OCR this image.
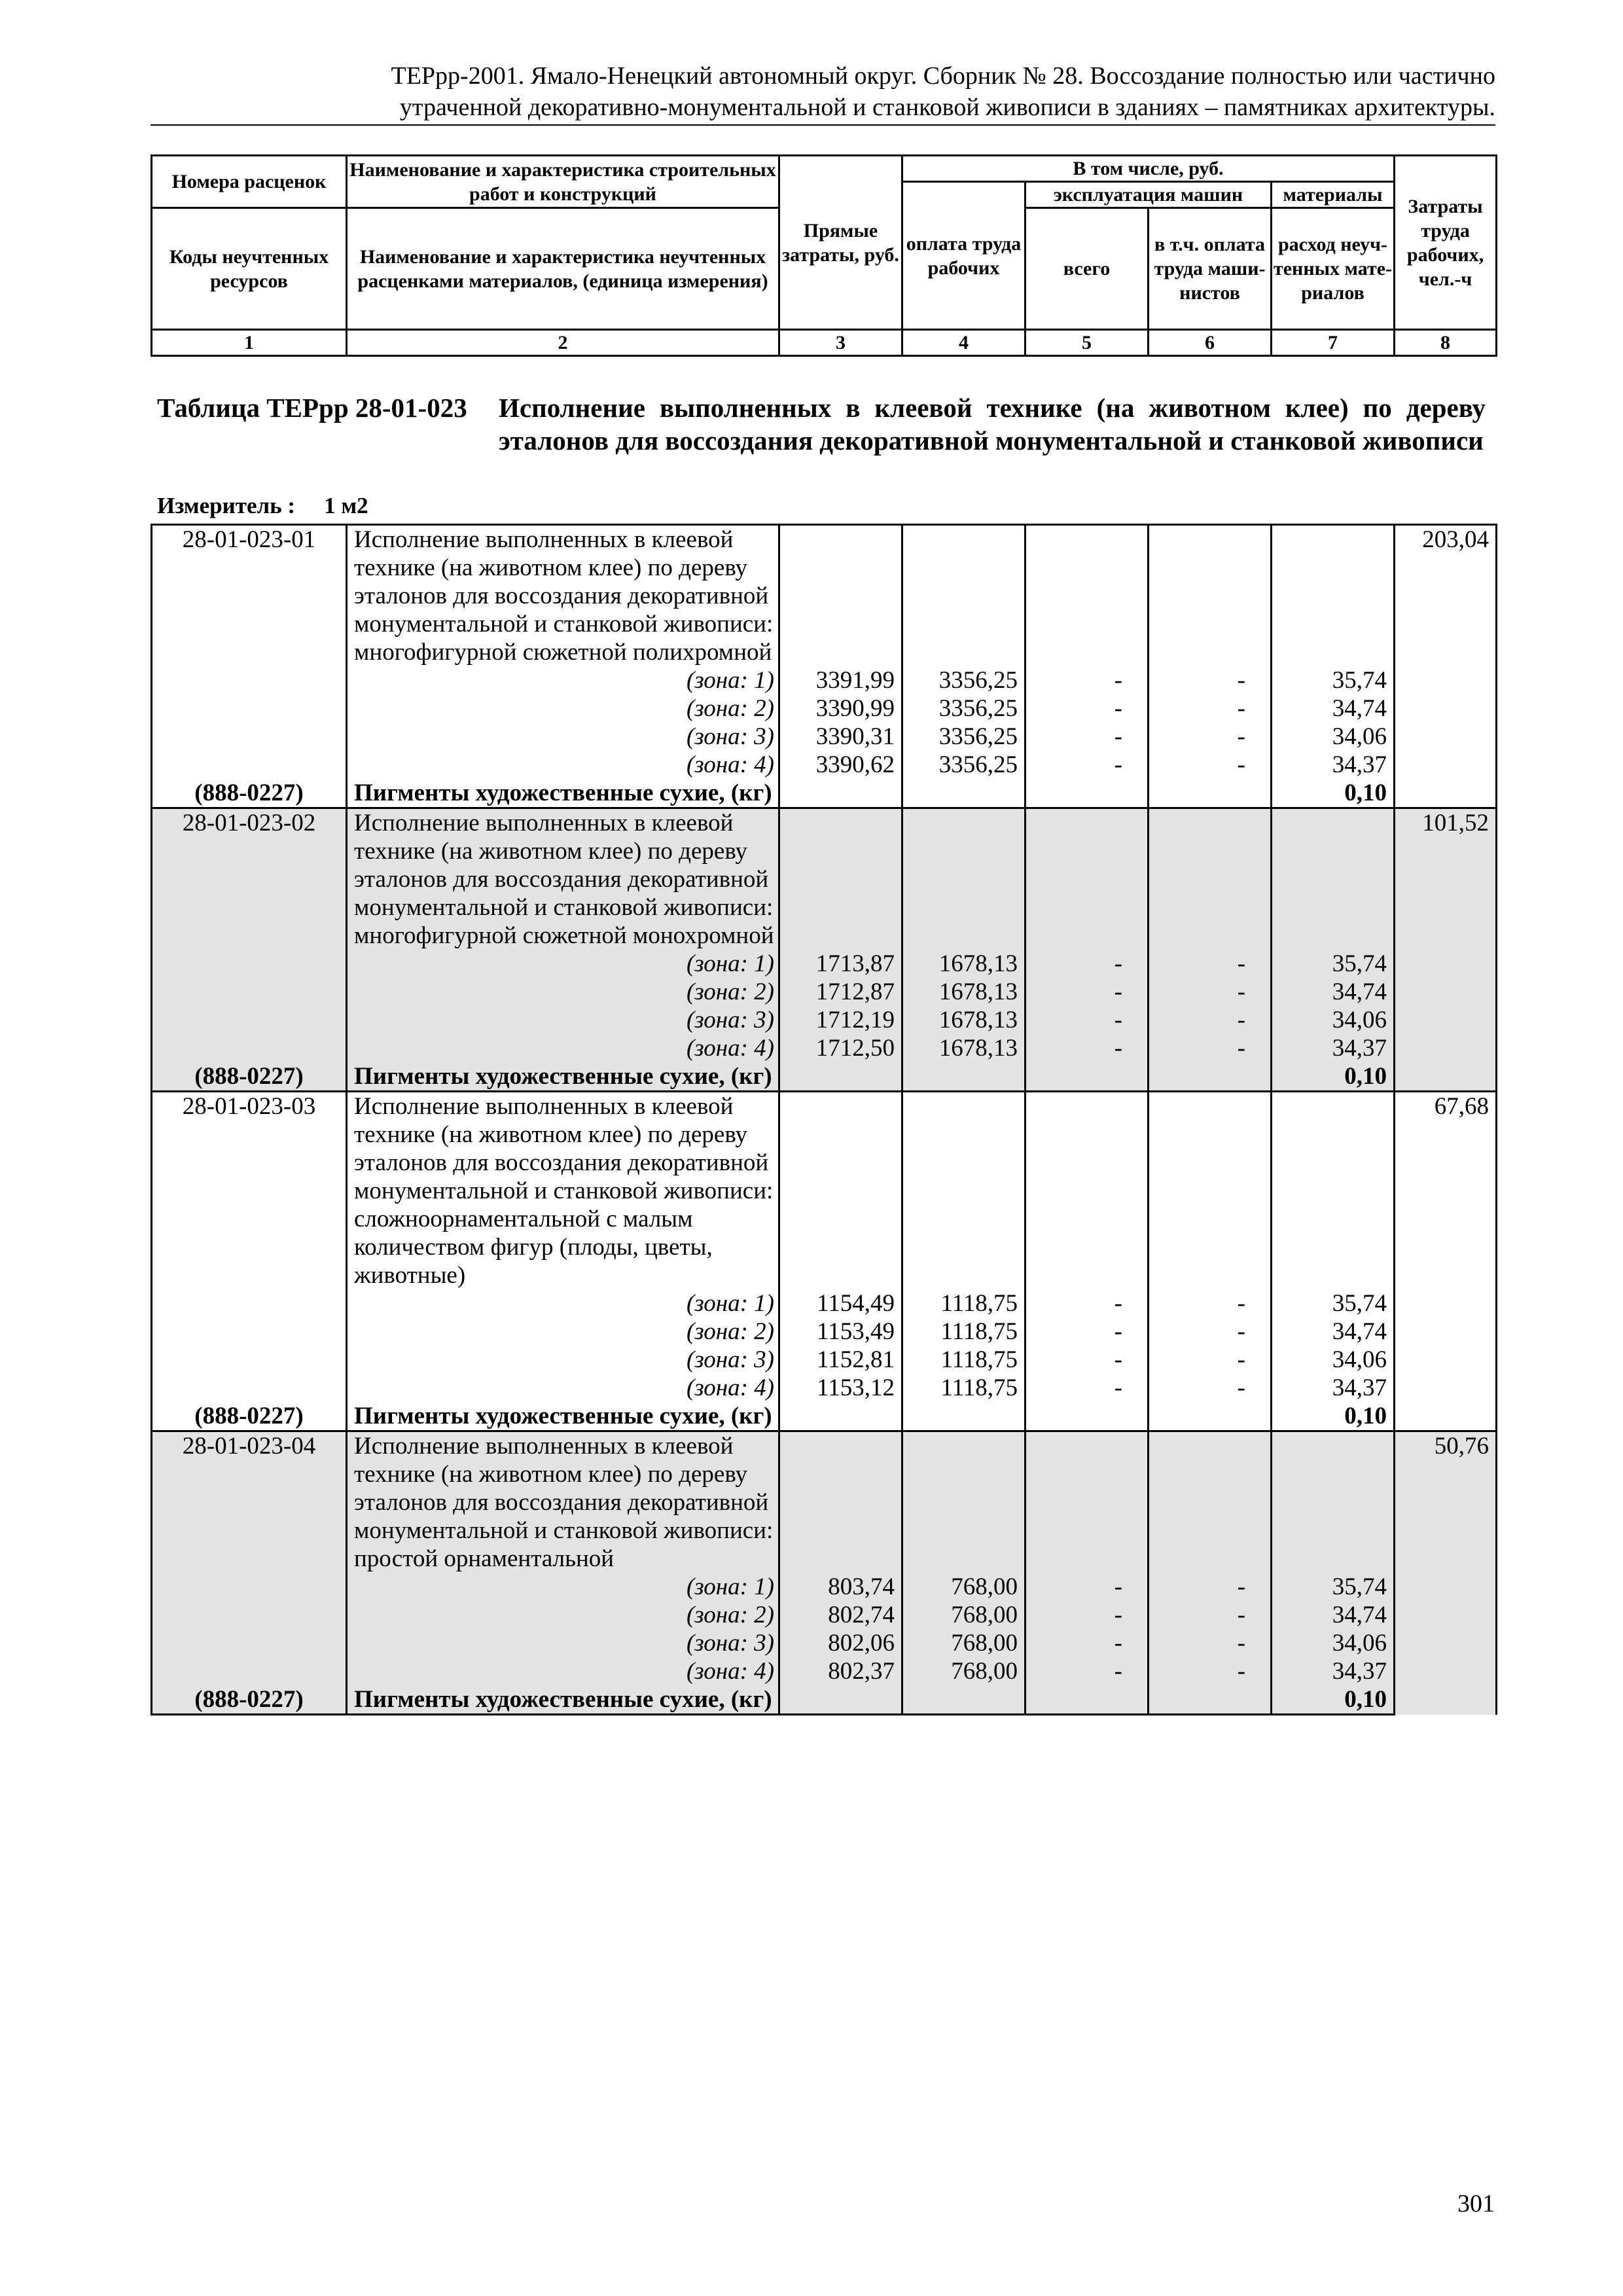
ТЕРрр-2001. Ямало-Ненецкий автономный округ. Сборник № 28. Воссоздание полностью или частично
утраченной декоративно-монументальной и станковой живописи в зданиях – памятниках архитектуры.
Номера расценок	Наименование и характеристика строительных работ и конструкций	Прямые затраты, руб.	В том числе, руб.				Затраты труда рабочих, чел.-ч
			оплата труда рабочих	эксплуатация машин		материалы	
Коды неучтенных ресурсов	Наименование и характеристика неучтенных расценками материалов, (единица измерения)			всего	в т.ч. оплата труда маши-нистов	расход неуч-тенных мате-риалов	

1	2	3	4	5	6	7	8
Таблица ТЕРрр 28-01-023 Исполнение выполненных в клеевой технике (на животном клее) по дереву эталонов для воссоздания декоративной монументальной и станковой живописи
Измеритель : 1 м2
28-01-023-01	Исполнение выполненных в клеевой технике (на животном клее) по дереву эталонов для воссоздания декоративной монументальной и станковой живописи: многофигурной сюжетной полихромной						203,04
	(зона: 1)	3391,99	3356,25	-	-	35,74	
	(зона: 2)	3390,99	3356,25	-	-	34,74	
	(зона: 3)	3390,31	3356,25	-	-	34,06	
	(зона: 4)	3390,62	3356,25	-	-	34,37	
(888-0227)	Пигменты художественные сухие, (кг)					0,10	
28-01-023-02	Исполнение выполненных в клеевой технике (на животном клее) по дереву эталонов для воссоздания декоративной монументальной и станковой живописи: многофигурной сюжетной монохромной						101,52
	(зона: 1)	1713,87	1678,13	-	-	35,74	
	(зона: 2)	1712,87	1678,13	-	-	34,74	
	(зона: 3)	1712,19	1678,13	-	-	34,06	
	(зона: 4)	1712,50	1678,13	-	-	34,37	
(888-0227)	Пигменты художественные сухие, (кг)					0,10	
28-01-023-03	Исполнение выполненных в клеевой технике (на животном клее) по дереву эталонов для воссоздания декоративной монументальной и станковой живописи: сложноорнаментальной с малым количеством фигур (плоды, цветы, животные)						67,68
	(зона: 1)	1154,49	1118,75	-	-	35,74	
	(зона: 2)	1153,49	1118,75	-	-	34,74	
	(зона: 3)	1152,81	1118,75	-	-	34,06	
	(зона: 4)	1153,12	1118,75	-	-	34,37	
(888-0227)	Пигменты художественные сухие, (кг)					0,10	
28-01-023-04	Исполнение выполненных в клеевой технике (на животном клее) по дереву эталонов для воссоздания декоративной монументальной и станковой живописи: простой орнаментальной						50,76
	(зона: 1)	803,74	768,00	-	-	35,74	
	(зона: 2)	802,74	768,00	-	-	34,74	
	(зона: 3)	802,06	768,00	-	-	34,06	
	(зона: 4)	802,37	768,00	-	-	34,37	
(888-0227)	Пигменты художественные сухие, (кг)					0,10	
301
